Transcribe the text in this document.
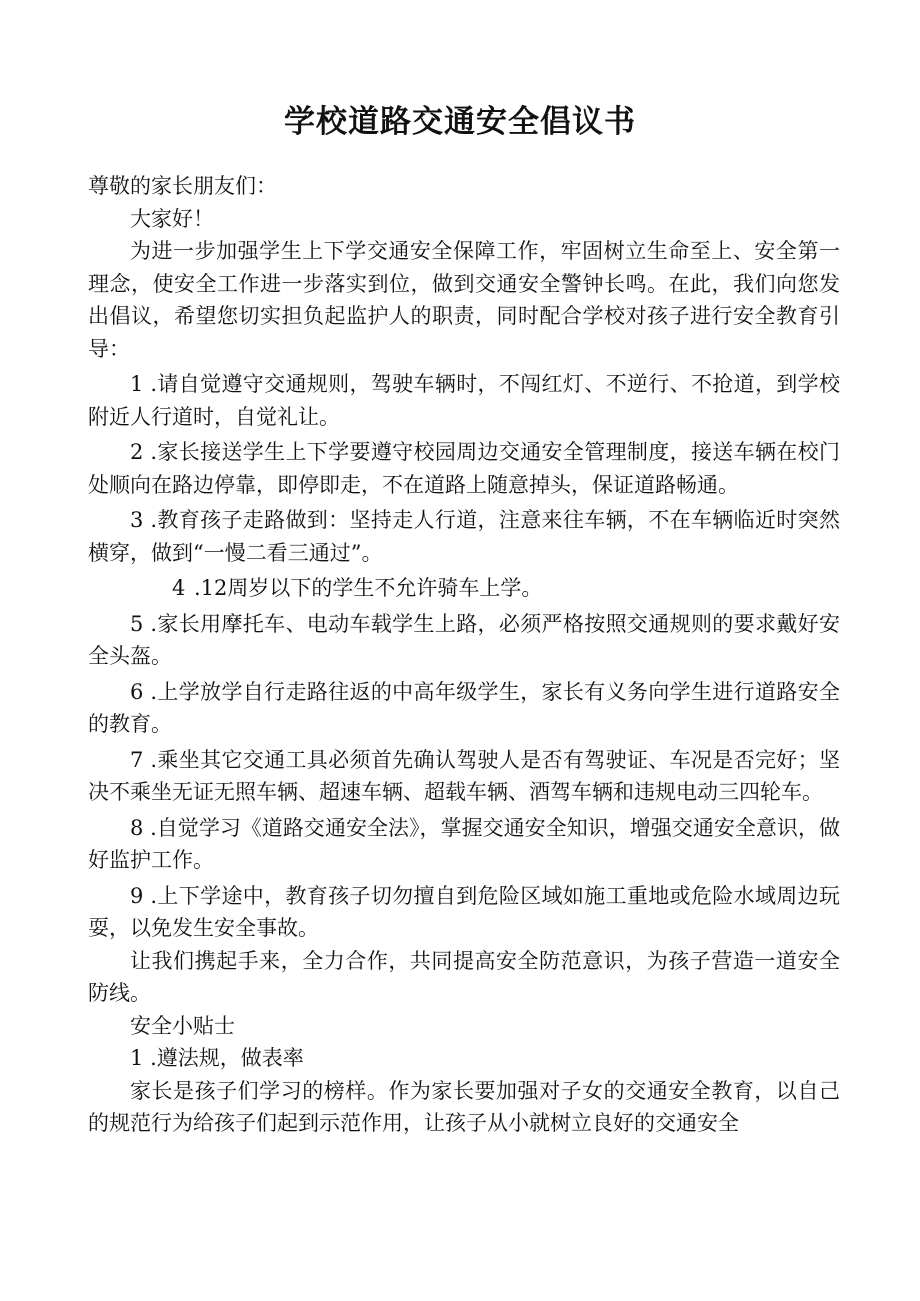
学校道路交通安全倡议书

尊敬的家长朋友们：

大家好！

为进一步加强学生上下学交通安全保障工作，牢固树立生命至上、安全第一理念，使安全工作进一步落实到位，做到交通安全警钟长鸣。在此，我们向您发出倡议，希望您切实担负起监护人的职责，同时配合学校对孩子进行安全教育引导：

1 .请自觉遵守交通规则，驾驶车辆时，不闯红灯、不逆行、不抢道，到学校附近人行道时，自觉礼让。

2 .家长接送学生上下学要遵守校园周边交通安全管理制度，接送车辆在校门处顺向在路边停靠，即停即走，不在道路上随意掉头，保证道路畅通。

3 .教育孩子走路做到：坚持走人行道，注意来往车辆，不在车辆临近时突然横穿，做到“一慢二看三通过”。

4 .12周岁以下的学生不允许骑车上学。

5 .家长用摩托车、电动车载学生上路，必须严格按照交通规则的要求戴好安全头盔。

6 .上学放学自行走路往返的中高年级学生，家长有义务向学生进行道路安全的教育。

7 .乘坐其它交通工具必须首先确认驾驶人是否有驾驶证、车况是否完好；坚决不乘坐无证无照车辆、超速车辆、超载车辆、酒驾车辆和违规电动三四轮车。

8 .自觉学习《道路交通安全法》，掌握交通安全知识，增强交通安全意识，做好监护工作。

9 .上下学途中，教育孩子切勿擅自到危险区域如施工重地或危险水域周边玩耍，以免发生安全事故。

让我们携起手来，全力合作，共同提高安全防范意识，为孩子营造一道安全防线。

安全小贴士

1 .遵法规，做表率

家长是孩子们学习的榜样。作为家长要加强对子女的交通安全教育，以自己的规范行为给孩子们起到示范作用，让孩子从小就树立良好的交通安全
